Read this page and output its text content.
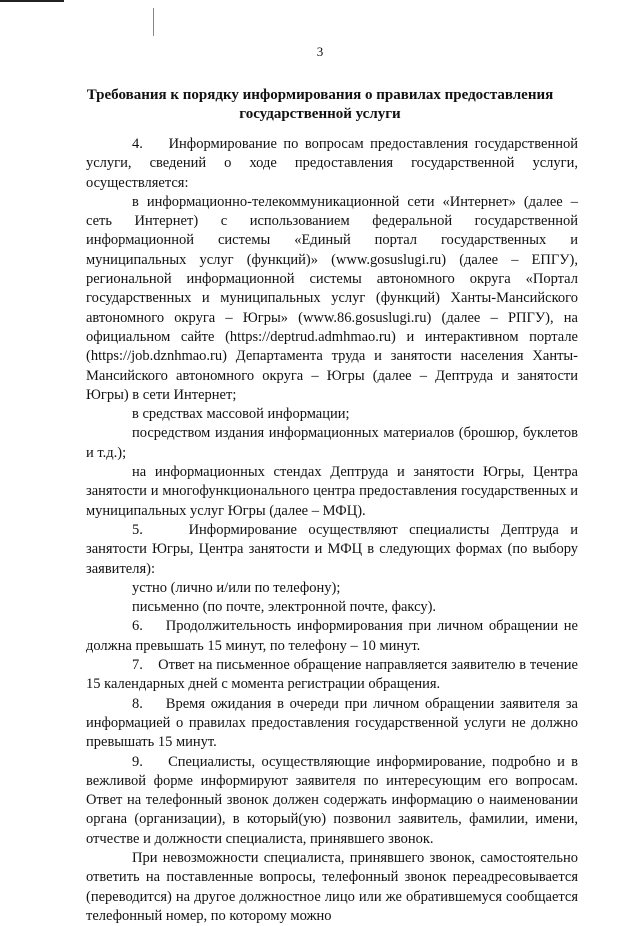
3
Требования к порядку информирования о правилах предоставления государственной услуги

4.    Информирование по вопросам предоставления государственной услуги, сведений о ходе предоставления государственной услуги, осуществляется:

в информационно-телекоммуникационной сети «Интернет» (далее – сеть Интернет) с использованием федеральной государственной информационной системы «Единый портал государственных и муниципальных услуг (функций)» (www.gosuslugi.ru) (далее – ЕПГУ), региональной информационной системы автономного округа «Портал государственных и муниципальных услуг (функций) Ханты-Мансийского автономного округа – Югры» (www.86.gosuslugi.ru) (далее – РПГУ), на официальном сайте (https://deptrud.admhmao.ru) и интерактивном портале (https://job.dznhmao.ru) Департамента труда и занятости населения Ханты-Мансийского автономного округа – Югры (далее – Дептруда и занятости Югры) в сети Интернет;

в средствах массовой информации;

посредством издания информационных материалов (брошюр, буклетов и т.д.);

на информационных стендах Дептруда и занятости Югры, Центра занятости и многофункционального центра предоставления государственных и муниципальных услуг Югры (далее – МФЦ).

5.    Информирование осуществляют специалисты Дептруда и занятости Югры, Центра занятости и МФЦ в следующих формах (по выбору заявителя):

устно (лично и/или по телефону);

письменно (по почте, электронной почте, факсу).

6.    Продолжительность информирования при личном обращении не должна превышать 15 минут, по телефону – 10 минут.

7.    Ответ на письменное обращение направляется заявителю в течение 15 календарных дней с момента регистрации обращения.

8.    Время ожидания в очереди при личном обращении заявителя за информацией о правилах предоставления государственной услуги не должно превышать 15 минут.

9.    Специалисты, осуществляющие информирование, подробно и в вежливой форме информируют заявителя по интересующим его вопросам. Ответ на телефонный звонок должен содержать информацию о наименовании органа (организации), в который(ую) позвонил заявитель, фамилии, имени, отчестве и должности специалиста, принявшего звонок.

При невозможности специалиста, принявшего звонок, самостоятельно ответить на поставленные вопросы, телефонный звонок переадресовывается (переводится) на другое должностное лицо или же обратившемуся сообщается телефонный номер, по которому можно
